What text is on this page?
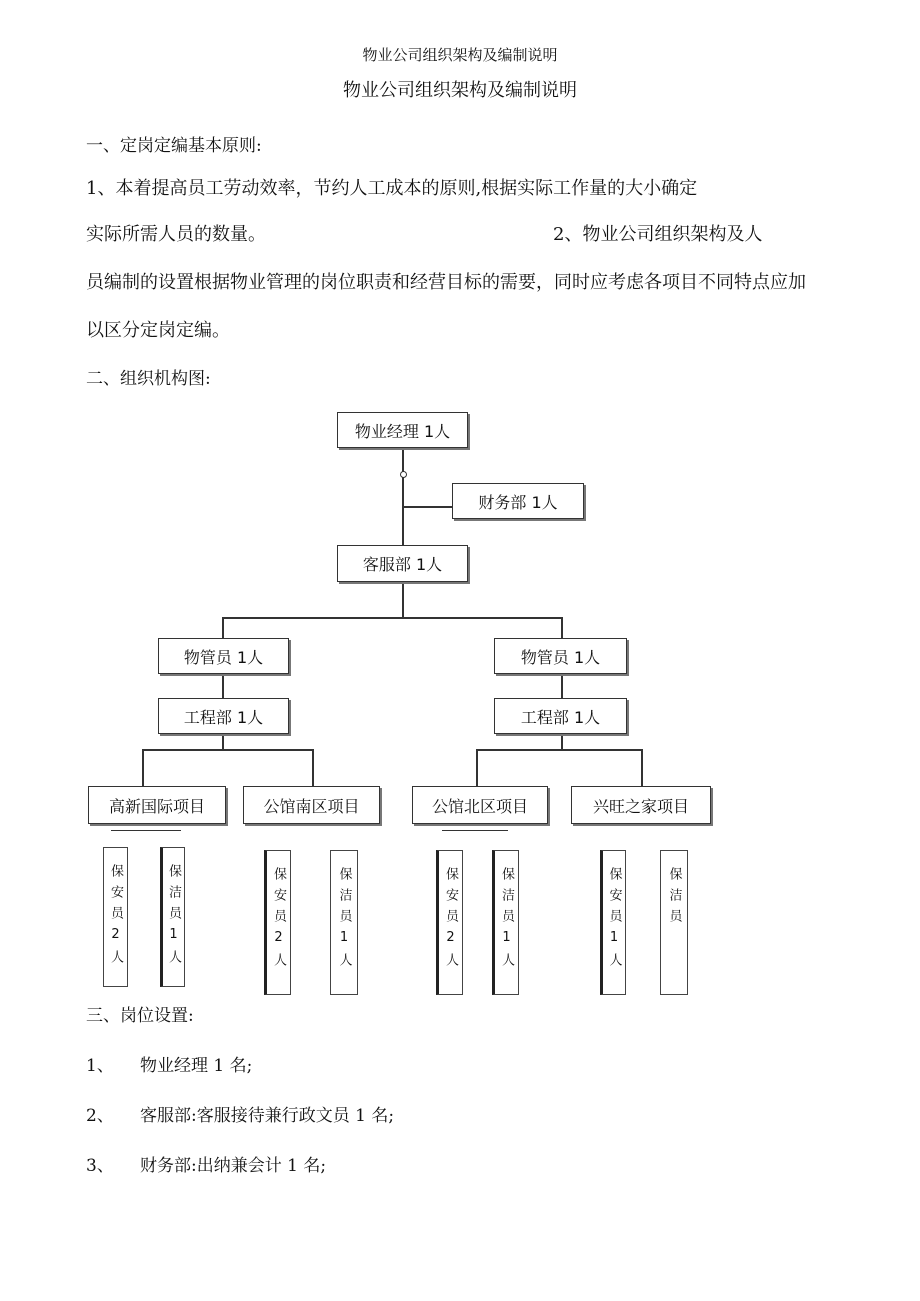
物业公司组织架构及编制说明
物业公司组织架构及编制说明
一、定岗定编基本原则:
1、本着提高员工劳动效率，节约人工成本的原则,根据实际工作量的大小确定
实际所需人员的数量。	2、物业公司组织架构及人
员编制的设置根据物业管理的岗位职责和经营目标的需要，同时应考虑各项目不同特点应加
以区分定岗定编。
二、组织机构图:
物业经理 1人
财务部 1人
客服部 1人
物管员 1人	物管员 1人
工程部 1人	工程部 1人
高新国际项目	公馆南区项目	公馆北区项目	兴旺之家项目
保安员2人	保洁员1人	保安员2人	保洁员1人	保安员2人	保洁员1人	保安员1人	保洁员
三、岗位设置:
1、 物业经理 1 名;
2、 客服部:客服接待兼行政文员 1 名;
3、 财务部:出纳兼会计 1 名;
